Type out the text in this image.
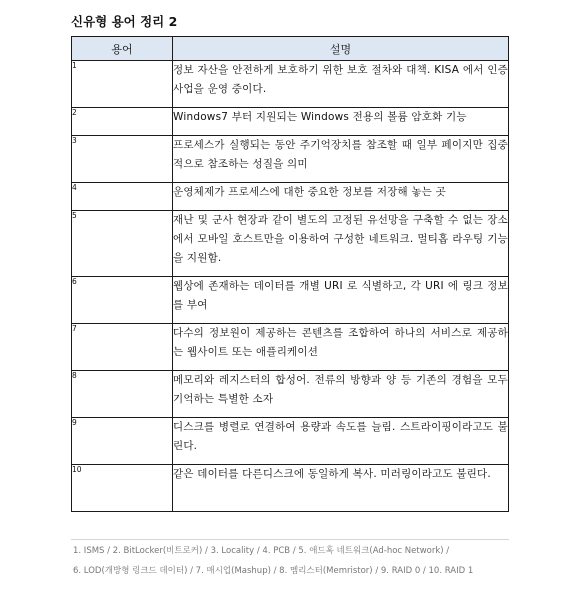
신유형 용어 정리 2
용어	설명
1	정보 자산을 안전하게 보호하기 위한 보호 절차와 대책. KISA 에서 인증사업을 운영 중이다.
2	Windows7 부터 지원되는 Windows 전용의 볼륨 암호화 기능
3	프로세스가 실행되는 동안 주기억장치를 참조할 때 일부 페이지만 집중적으로 참조하는 성질을 의미
4	운영체제가 프로세스에 대한 중요한 정보를 저장해 놓는 곳
5	재난 및 군사 현장과 같이 별도의 고정된 유선망을 구축할 수 없는 장소에서 모바일 호스트만을 이용하여 구성한 네트워크. 멀티홉 라우팅 기능을 지원함.
6	웹상에 존재하는 데이터를 개별 URI 로 식별하고, 각 URI 에 링크 정보를 부여
7	다수의 정보원이 제공하는 콘텐츠를 조합하여 하나의 서비스로 제공하는 웹사이트 또는 애플리케이션
8	메모리와 레지스터의 합성어. 전류의 방향과 양 등 기존의 경험을 모두 기억하는 특별한 소자
9	디스크를 병렬로 연결하여 용량과 속도를 늘림. 스트라이핑이라고도 불린다.
10	같은 데이터를 다른디스크에 동일하게 복사. 미러링이라고도 불린다.
1. ISMS / 2. BitLocker(비트로커) / 3. Locality / 4. PCB / 5. 애드혹 네트워크(Ad-hoc Network) /
6. LOD(개방형 링크드 데이터) / 7. 매시업(Mashup) / 8. 멤리스터(Memristor) / 9. RAID 0 / 10. RAID 1
